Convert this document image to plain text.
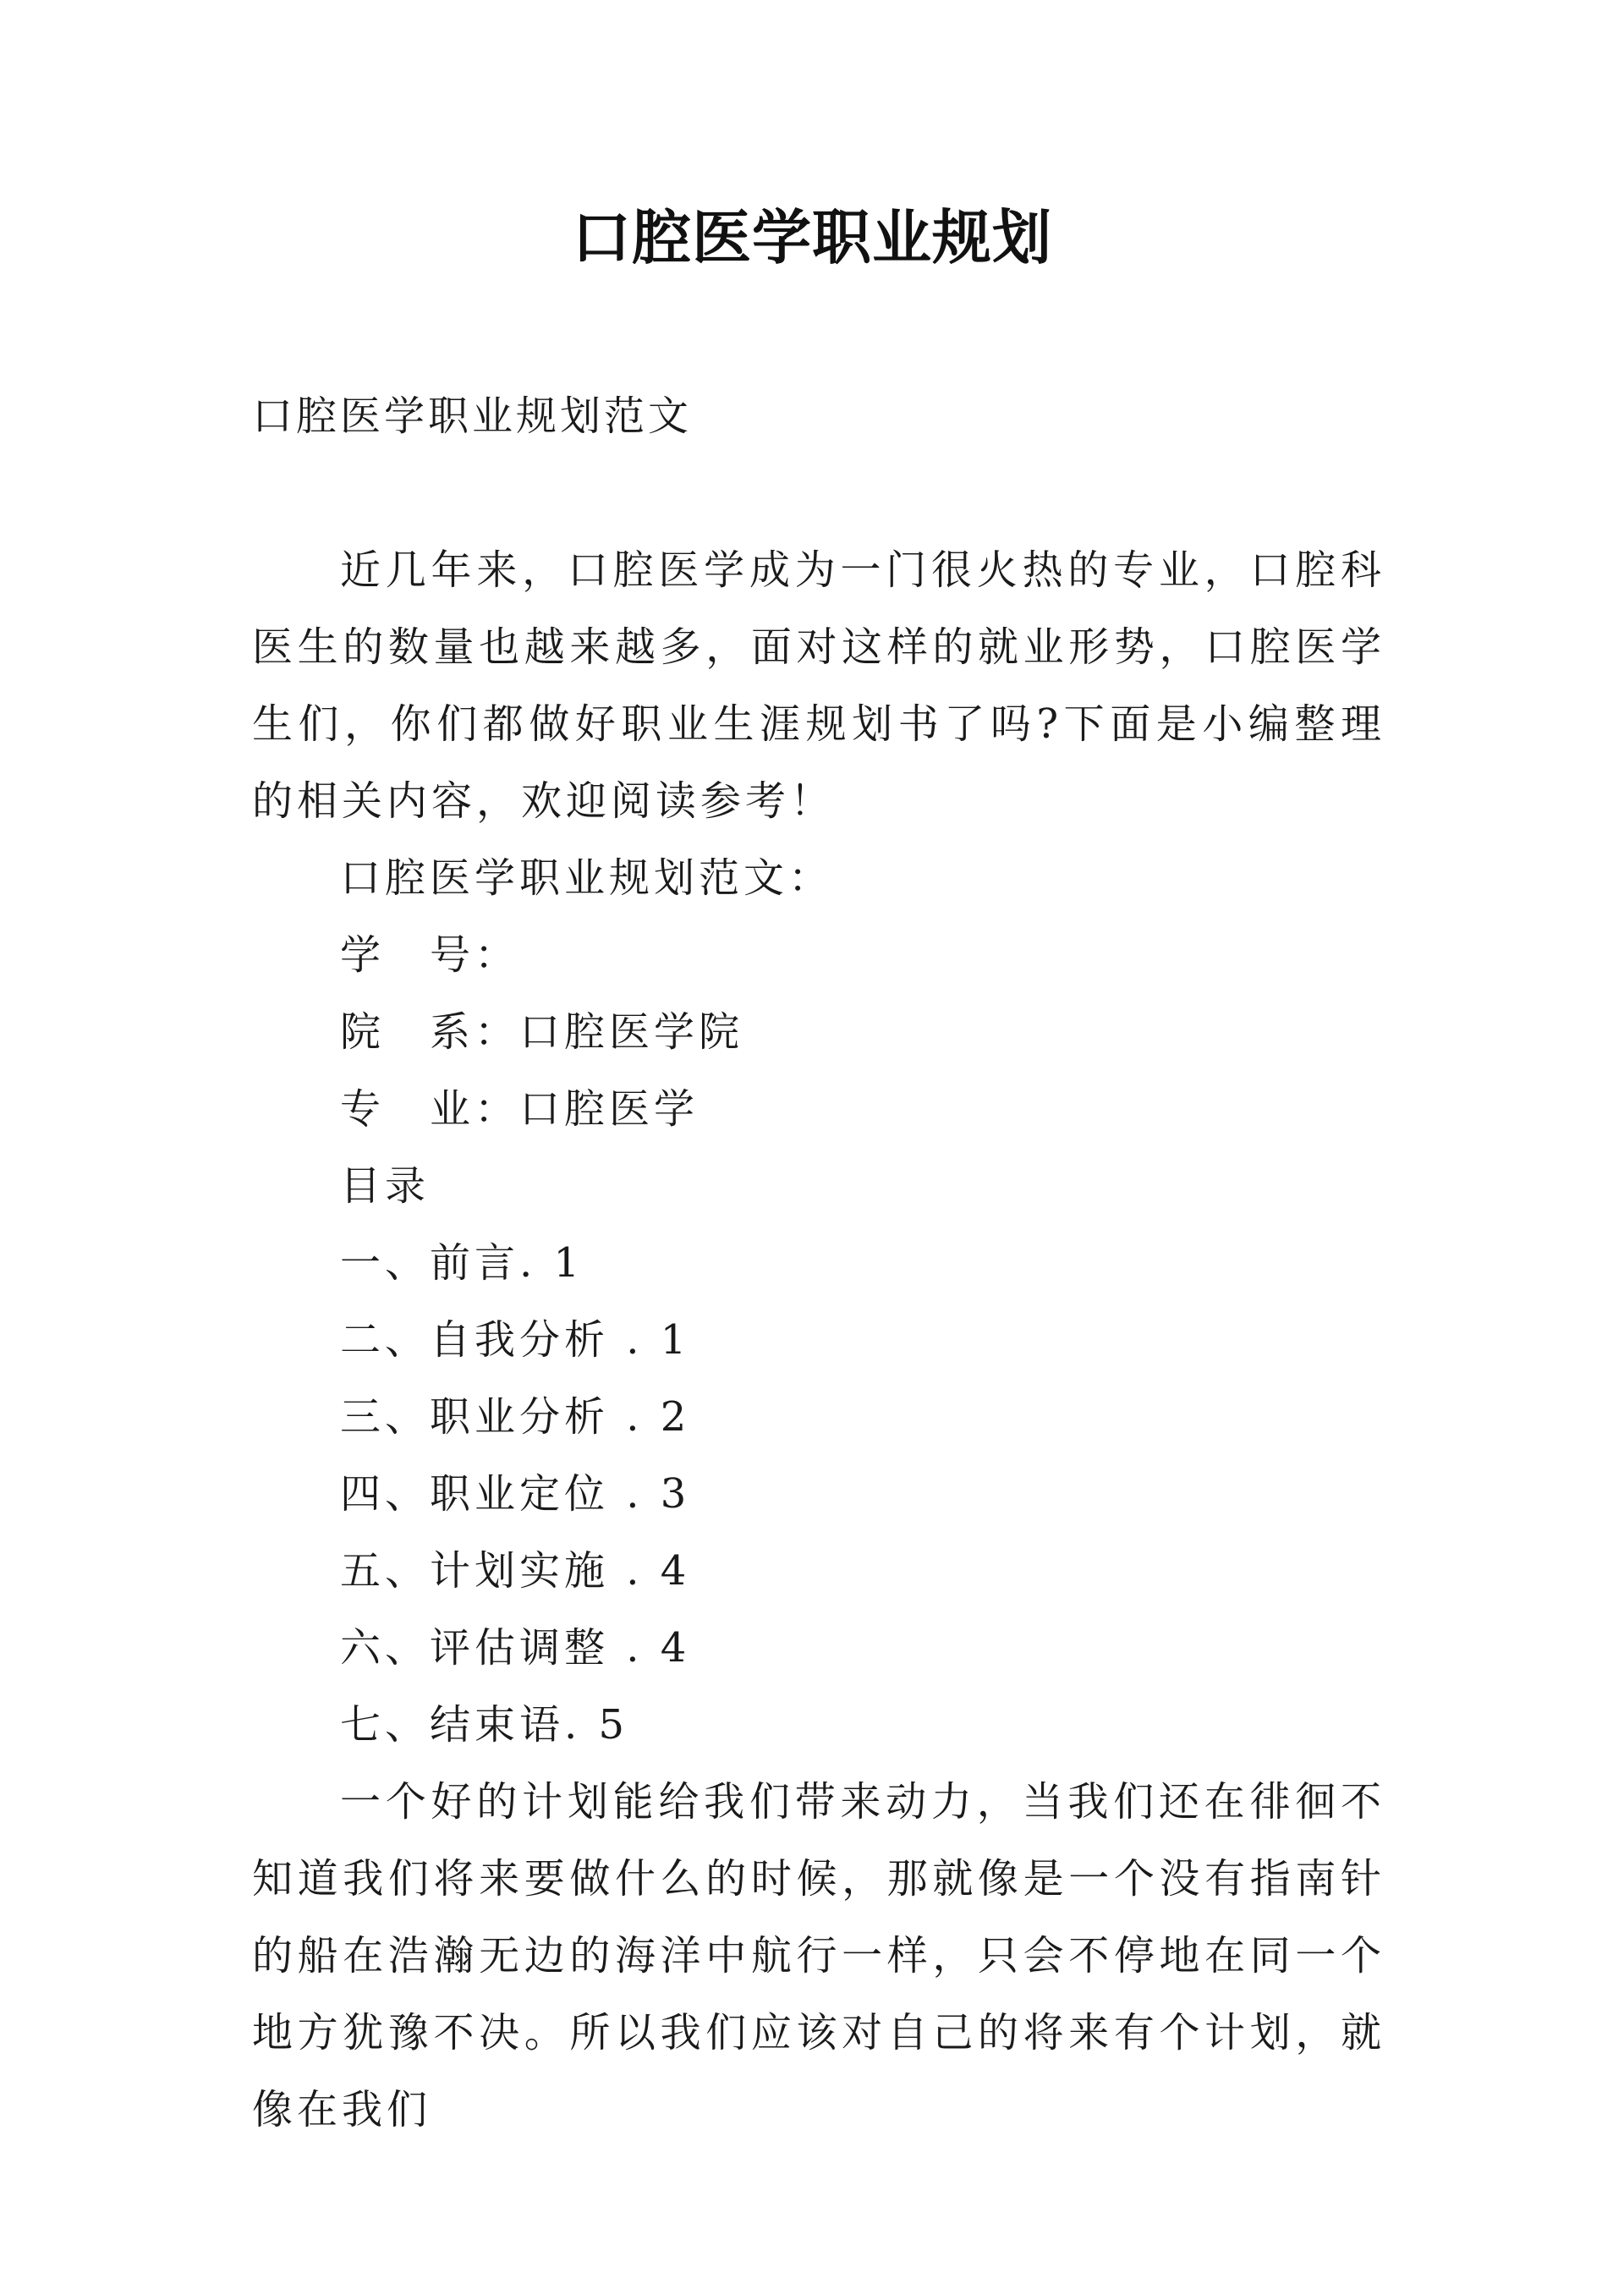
口腔医学职业规划

口腔医学职业规划范文

近几年来，口腔医学成为一门很火热的专业，口腔科医生的数量也越来越多，面对这样的就业形势，口腔医学生们，你们都做好职业生涯规划书了吗?下面是小编整理的相关内容，欢迎阅读参考！

口腔医学职业规划范文：

学　号：

院　系：口腔医学院

专　业：口腔医学

目录

一、前言. 1

二、自我分析 . 1

三、职业分析 . 2

四、职业定位 . 3

五、计划实施 . 4

六、评估调整 . 4

七、结束语. 5

一个好的计划能给我们带来动力，当我们还在徘徊不知道我们将来要做什么的时候，那就像是一个没有指南针的船在浩瀚无边的海洋中航行一样，只会不停地在同一个地方犹豫不决。所以我们应该对自己的将来有个计划，就像在我们
